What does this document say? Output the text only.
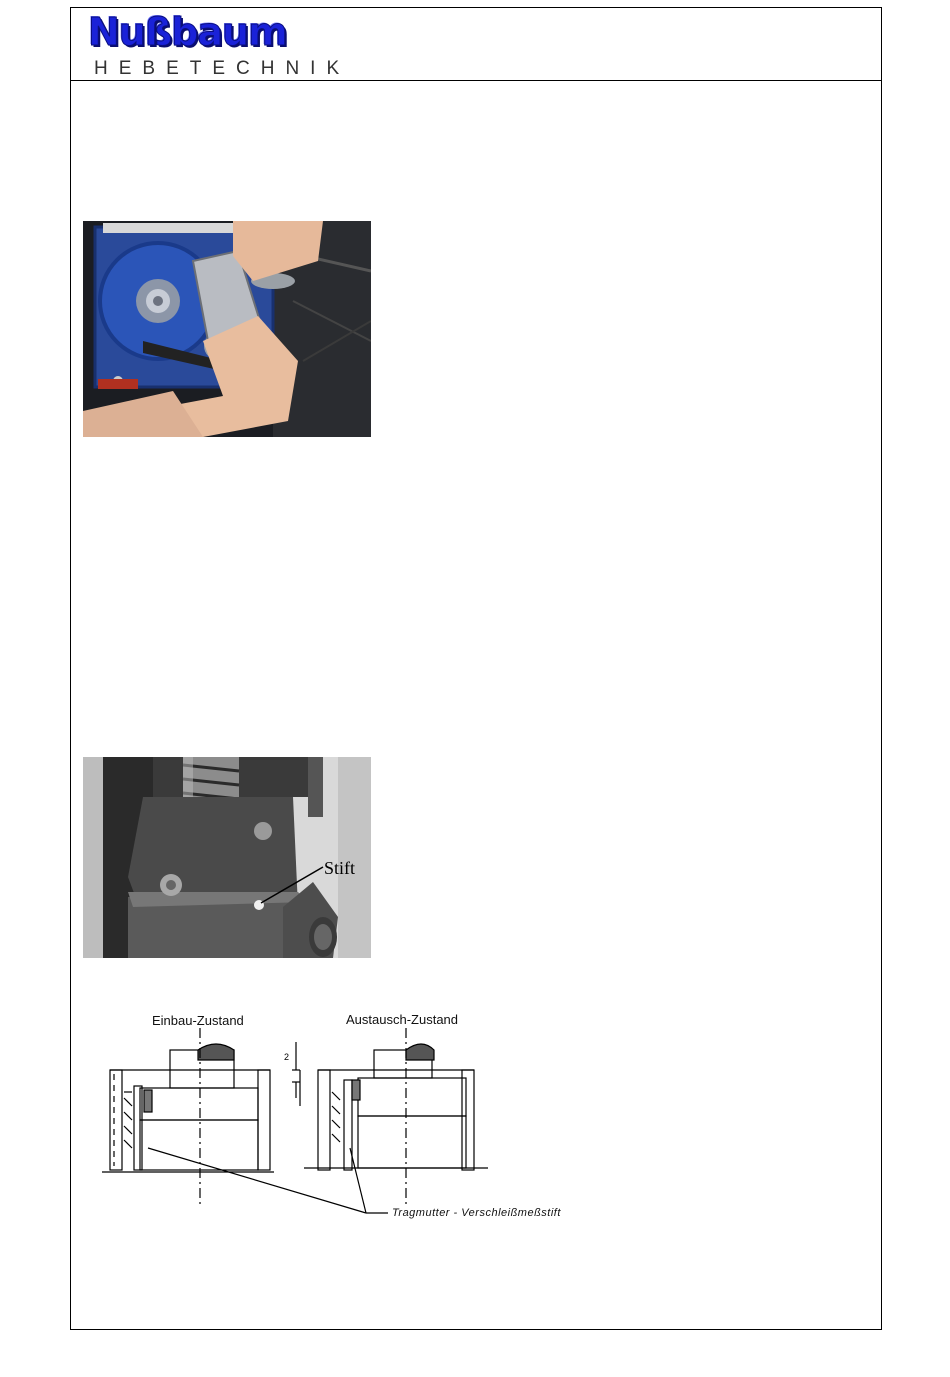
Nußbaum
HEBETECHNIK
Stift
2
Einbau-Zustand	Austausch-Zustand
Tragmutter - Verschleißmeßstift
